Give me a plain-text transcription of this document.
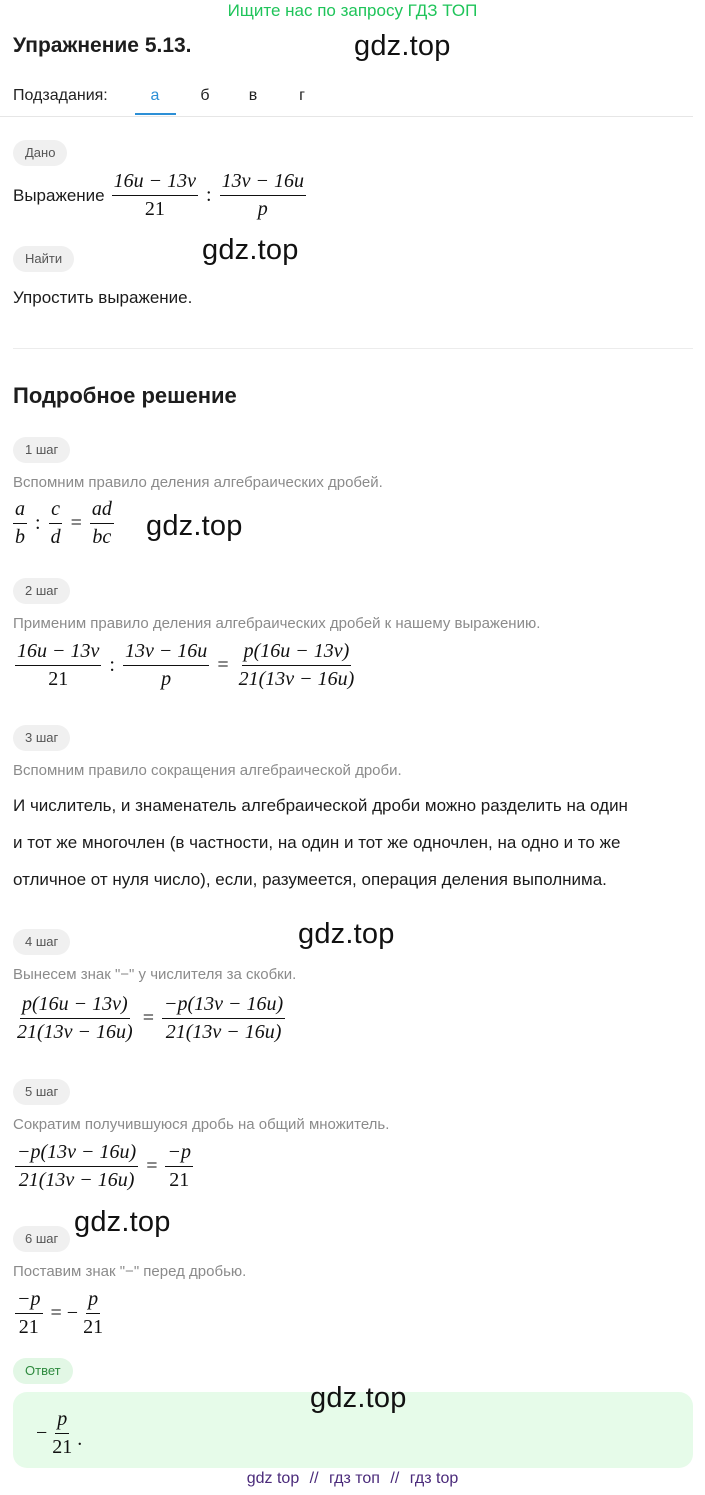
Ищите нас по запросу ГДЗ ТОП
Упражнение 5.13.	gdz.top
Подзадания:	а	б	в	г
Дано
Выражение $\frac{16u - 13v}{21}$ : $\frac{13v - 16u}{p}$
Найти	gdz.top
Упростить выражение.
Подробное решение
1 шаг
Вспомним правило деления алгебраических дробей.
$\frac{a}{b}$ : $\frac{c}{d} = \frac{ad}{bc} gdz.top$
2 шаг
Применим правило деления алгебраических дробей к нашему выражению.
$\frac{16u - 13v}{21}$ : $\frac{13v - 16u}{p} = \frac{p(16u - 13v)}{21(13v - 16u)}$
3 шаг
Вспомним правило сокращения алгебраической дроби.
И числитель, и знаменатель алгебраической дроби можно разделить на один
и тот же многочлен (в частности, на один и тот же одночлен, на одно и то же
отличное от нуля число), если, разумеется, операция деления выполнима.
4 шаг	gdz.top
Вынесем знак "−" у числителя за скобки.
$\frac{p(16u - 13v)}{21(13v - 16u)} = \frac{-p(13v - 16u)}{21(13v - 16u)}$
5 шаг
Сократим получившуюся дробь на общий множитель.
$\frac{-p(13v - 16u)}{21(13v - 16u)} = \frac{-p}{21}$
gdz.top
6 шаг
Поставим знак "−" перед дробью.
$\frac{-p}{21}$ = − $\frac{p}{21}$
Ответ
gdz.top
− $\frac{p}{21}$ .
gdz top // гдз топ // гдз top
